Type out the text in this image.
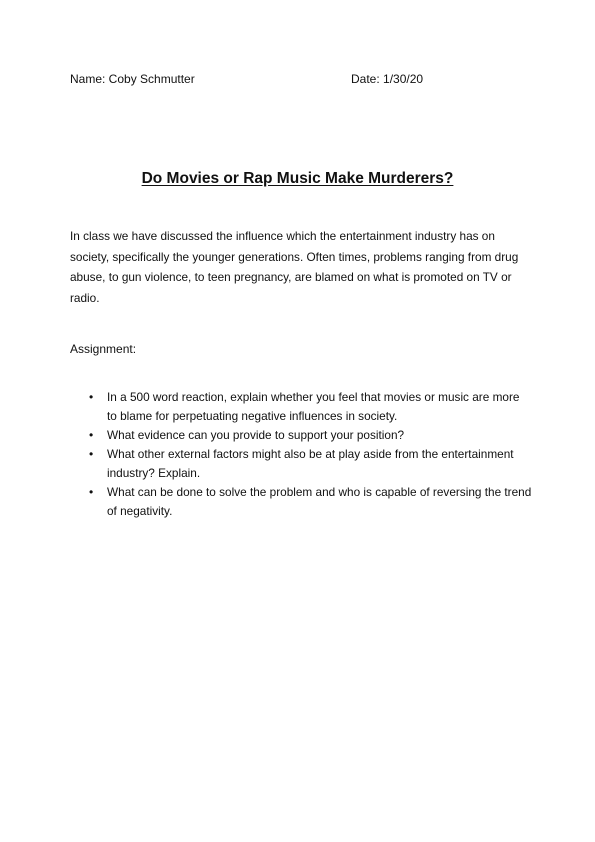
Name: Coby Schmutter	Date: 1/30/20
Do Movies or Rap Music Make Murderers?

In class we have discussed the influence which the entertainment industry has on society, specifically the younger generations. Often times, problems ranging from drug abuse, to gun violence, to teen pregnancy, are blamed on what is promoted on TV or radio.

Assignment:
• In a 500 word reaction, explain whether you feel that movies or music are more to blame for perpetuating negative influences in society.
• What evidence can you provide to support your position?
• What other external factors might also be at play aside from the entertainment industry? Explain.
• What can be done to solve the problem and who is capable of reversing the trend of negativity.
